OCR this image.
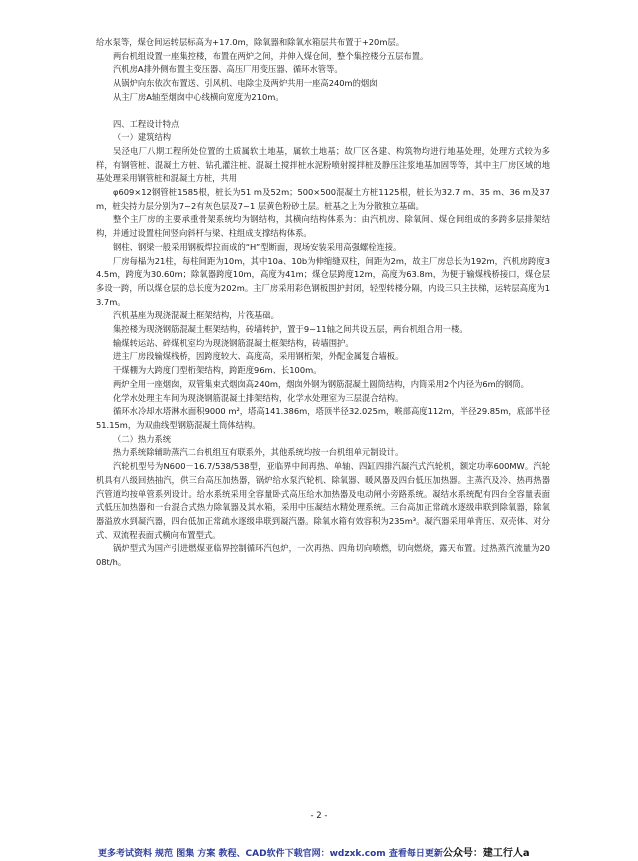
给水泵等，煤仓间运转层标高为+17.0m，除氧器和除氧水箱层共布置于+20m层。

两台机组设置一座集控楼，布置在两炉之间，并伸入煤仓间，整个集控楼分五层布置。

汽机房A排外侧布置主变压器、高压厂用变压器、循环水管等。

从锅炉向东依次布置送、引风机、电除尘及两炉共用一座高240m的烟囱

从主厂房A轴至烟囱中心线横向宽度为210m。

四、工程设计特点

（一）建筑结构

吴泾电厂八期工程所处位置的土质属软土地基，属软土地基；故厂区各建、构筑物均进行地基处理，处理方式较为多样，有钢管桩、混凝土方桩、钻孔灌注桩、混凝土搅拌桩水泥粉喷射搅拌桩及静压注浆地基加固等等，其中主厂房区域的地基处理采用钢管桩和混凝土方桩，共用

φ609×12钢管桩1585根，桩长为51 m及52m；500×500混凝土方桩1125根，桩长为32.7 m、35 m、36 m及37m，桩尖持力层分别为7~2有灰色层及7~1 层黄色粉砂土层。桩基之上为分散独立基础。

整个主厂房的主要承重骨架系统均为钢结构，其横向结构体系为：由汽机房、除氧间、煤仓间组成的多跨多层排架结构，并通过设置柱间竖向斜杆与梁、柱组成支撑结构体系。

钢柱、钢梁一般采用钢板焊拉而成的“H”型断面，现场安装采用高强螺栓连接。

厂房每榀为21柱，每柱间距为10m，其中10a、10b为伸缩缝双柱，间距为2m，故主厂房总长为192m，汽机房跨度34.5m，跨度为30.60m；除氧器跨度10m，高度为41m；煤仓层跨度12m，高度为63.8m，为便于输煤栈桥接口，煤仓层多设一跨，所以煤仓层的总长度为202m。主厂房采用彩色钢板围护封闭，轻型转楼分隔，内设三只主扶梯，运转层高度为13.7m。

汽机基座为现浇混凝土框架结构，片筏基础。

集控楼为现浇钢筋混凝土框架结构，砖墙转护，置于9~11轴之间共设五层，两台机组合用一楼。

输煤转运站、碎煤机室均为现浇钢筋混凝土框架结构，砖墙围护。

进主厂房段输煤栈桥，因跨度较大、高度高，采用钢桁架，外配金属复合墙板。

干煤棚为大跨度门型桁架结构，跨距度96m、长100m。

两炉全用一座烟囱，双管集束式烟囱高240m，烟囱外钢为钢筋混凝土圆筒结构，内筒采用2个内径为6m的钢筒。

化学水处理主车间为现浇钢筋混凝土排架结构，化学水处理室为三层混合结构。

循环水冷却水塔淋水面积9000 m²，塔高141.386m，塔顶半径32.025m，喉部高度112m，半径29.85m，底部半径51.15m，为双曲线型钢筋混凝土筒体结构。

（二）热力系统

热力系统除辅助蒸汽二台机组互有联系外，其他系统均按一台机组单元制设计。

汽轮机型号为N600－16.7/538/538型，亚临界中间再热、单轴、四缸四排汽凝汽式汽轮机，额定功率600MW。汽轮机具有八级回热抽汽，供三台高压加热器，锅炉给水泵汽轮机、除氧器、暖风器及四台低压加热器。主蒸汽及冷、热再热器汽管道均按单管系列设计。给水系统采用全容量卧式高压给水加热器及电动闸小旁路系统。凝结水系统配有四台全容量表面式低压加热器和一台混合式热力除氧器及其水箱，采用中压凝结水精处理系统。三台高加正常疏水逐级串联到除氧器，除氧器溢放水到凝汽器，四台低加正常疏水逐级串联到凝汽器。除氧水箱有效容积为235m³。凝汽器采用单背压、双壳体、对分式、双流程表面式横向布置型式。

锅炉型式为国产引进燃煤亚临界控制循环汽包炉，一次再热、四角切向喷燃，切向燃烧，露天布置。过热蒸汽流量为2008t/h。

- 2 -
更多考试资料 规范 图集 方案 教程、CAD软件下载官网：wdzxk.com 查看每日更新公众号：建工行人a
